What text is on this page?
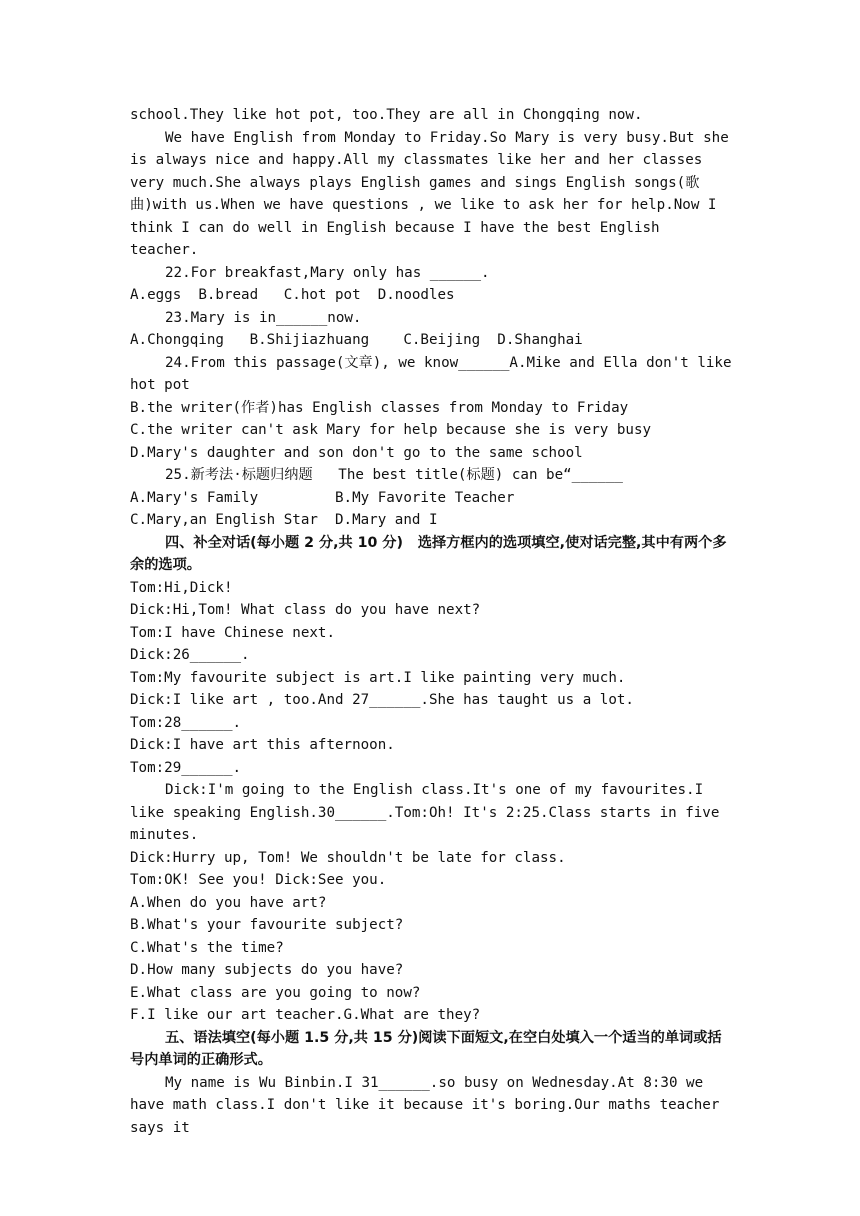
school.They like hot pot, too.They are all in Chongqing now.

We have English from Monday to Friday.So Mary is very busy.But she is always nice and happy.All my classmates like her and her classes very much.She always plays English games and sings English songs(歌曲)with us.When we have questions , we like to ask her for help.Now I think I can do well in English because I have the best English teacher.

22.For breakfast,Mary only has ______.

A.eggs  B.bread   C.hot pot  D.noodles

23.Mary is in______now.

A.Chongqing   B.Shijiazhuang    C.Beijing  D.Shanghai

24.From this passage(文章), we know______A.Mike and Ella don't like hot pot

B.the writer(作者)has English classes from Monday to Friday

C.the writer can't ask Mary for help because she is very busy

D.Mary's daughter and son don't go to the same school

25.新考法·标题归纳题   The best title(标题) can be“______

A.Mary's Family         B.My Favorite Teacher

C.Mary,an English Star  D.Mary and I

四、补全对话(每小题 2 分,共 10 分)   选择方框内的选项填空,使对话完整,其中有两个多余的选项。

Tom:Hi,Dick!

Dick:Hi,Tom! What class do you have next?

Tom:I have Chinese next.

Dick:26______.

Tom:My favourite subject is art.I like painting very much.

Dick:I like art , too.And 27______.She has taught us a lot.

Tom:28______.

Dick:I have art this afternoon.

Tom:29______.

Dick:I'm going to the English class.It's one of my favourites.I like speaking English.30______.Tom:Oh! It's 2:25.Class starts in five minutes.

Dick:Hurry up, Tom! We shouldn't be late for class.

Tom:OK! See you! Dick:See you.

A.When do you have art?

B.What's your favourite subject?

C.What's the time?

D.How many subjects do you have?

E.What class are you going to now?

F.I like our art teacher.G.What are they?

五、语法填空(每小题 1.5 分,共 15 分)阅读下面短文,在空白处填入一个适当的单词或括号内单词的正确形式。

My name is Wu Binbin.I 31______.so busy on Wednesday.At 8:30 we have math class.I don't like it because it's boring.Our maths teacher says it
